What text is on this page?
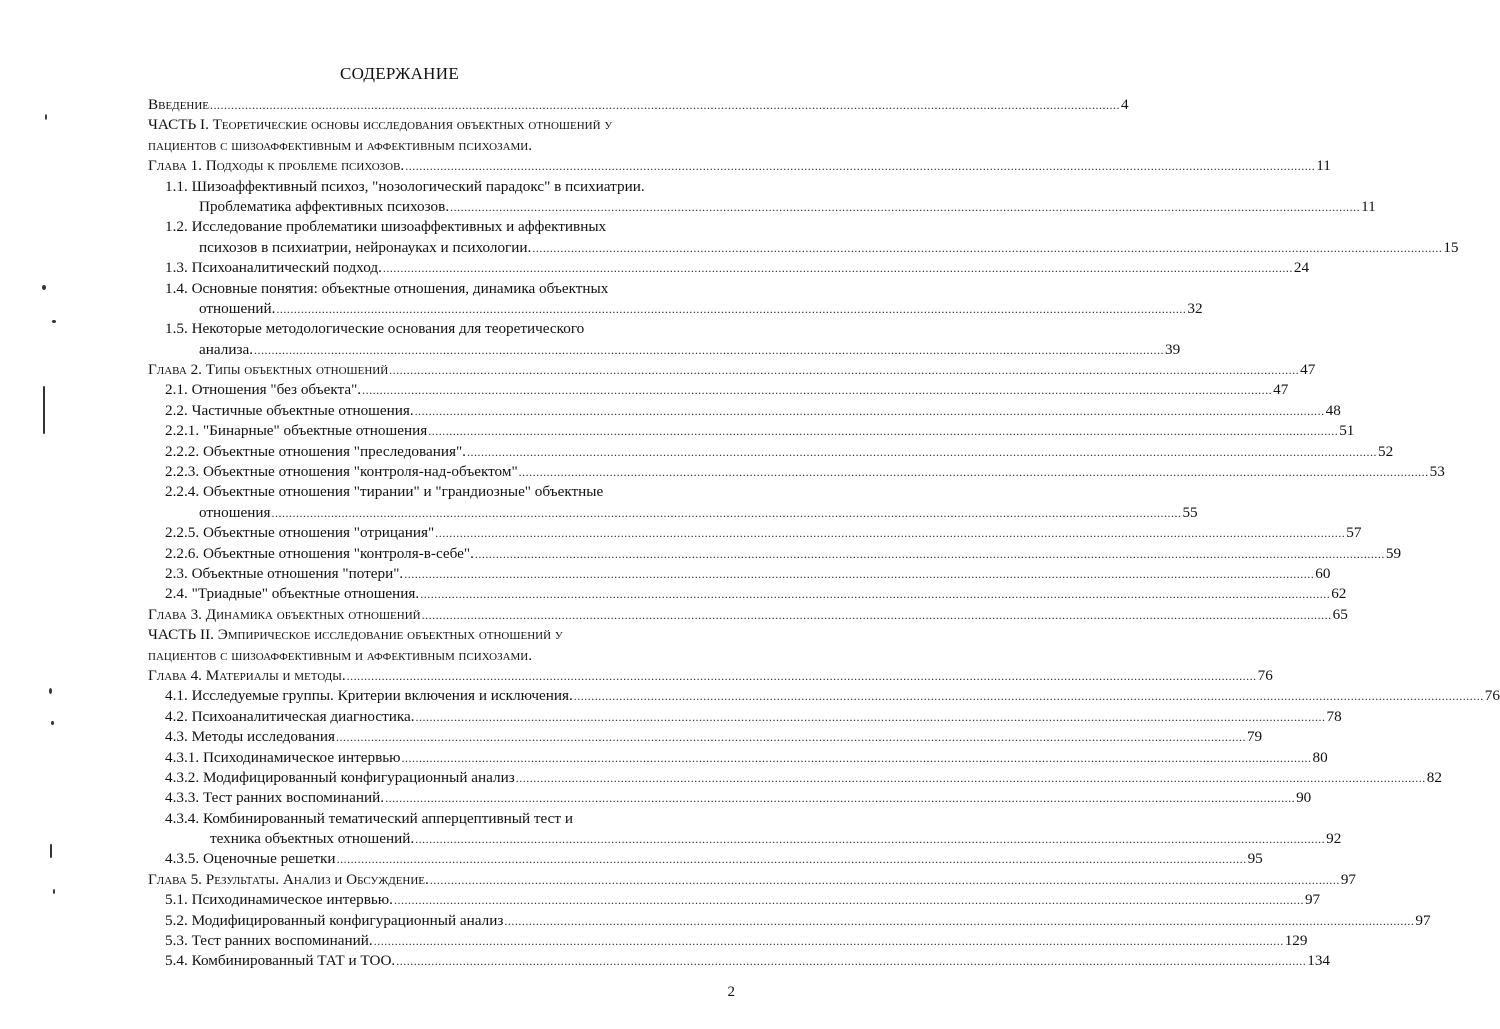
СОДЕРЖАНИЕ
Введение .................................................................................................................................................................................................................................................................... 4
ЧАСТЬ I. Теоретические основы исследования объектных отношений у
пациентов с шизоаффективным и аффективным психозами.
Глава 1. Подходы к проблеме психозов. .................................................................................................................................................................................................................................................................... 11
1.1. Шизоаффективный психоз, "нозологический парадокс" в психиатрии.
Проблематика аффективных психозов. .................................................................................................................................................................................................................................................................... 11
1.2. Исследование проблематики шизоаффективных и аффективных
психозов в психиатрии, нейронауках и психологии. .................................................................................................................................................................................................................................................................... 15
1.3. Психоаналитический подход. .................................................................................................................................................................................................................................................................... 24
1.4. Основные понятия: объектные отношения, динамика объектных
отношений. .................................................................................................................................................................................................................................................................... 32
1.5. Некоторые методологические основания для теоретического
анализа. .................................................................................................................................................................................................................................................................... 39
Глава 2. Типы объектных отношений .................................................................................................................................................................................................................................................................... 47
2.1. Отношения "без объекта". .................................................................................................................................................................................................................................................................... 47
2.2. Частичные объектные отношения. .................................................................................................................................................................................................................................................................... 48
2.2.1. "Бинарные" объектные отношения .................................................................................................................................................................................................................................................................... 51
2.2.2. Объектные отношения "преследования". .................................................................................................................................................................................................................................................................... 52
2.2.3. Объектные отношения "контроля-над-объектом" .................................................................................................................................................................................................................................................................... 53
2.2.4. Объектные отношения "тирании" и "грандиозные" объектные
отношения .................................................................................................................................................................................................................................................................... 55
2.2.5. Объектные отношения "отрицания" .................................................................................................................................................................................................................................................................... 57
2.2.6. Объектные отношения "контроля-в-себе". .................................................................................................................................................................................................................................................................... 59
2.3. Объектные отношения "потери". .................................................................................................................................................................................................................................................................... 60
2.4. "Триадные" объектные отношения. .................................................................................................................................................................................................................................................................... 62
Глава 3. Динамика объектных отношений .................................................................................................................................................................................................................................................................... 65
ЧАСТЬ II. Эмпирическое исследование объектных отношений у
пациентов с шизоаффективным и аффективным психозами.
Глава 4. Материалы и методы. .................................................................................................................................................................................................................................................................... 76
4.1. Исследуемые группы. Критерии включения и исключения. .................................................................................................................................................................................................................................................................... 76
4.2. Психоаналитическая диагностика. .................................................................................................................................................................................................................................................................... 78
4.3. Методы исследования .................................................................................................................................................................................................................................................................... 79
4.3.1. Психодинамическое интервью .................................................................................................................................................................................................................................................................... 80
4.3.2. Модифицированный конфигурационный анализ .................................................................................................................................................................................................................................................................... 82
4.3.3. Тест ранних воспоминаний. .................................................................................................................................................................................................................................................................... 90
4.3.4. Комбинированный тематический апперцептивный тест и
техника объектных отношений. .................................................................................................................................................................................................................................................................... 92
4.3.5. Оценочные решетки .................................................................................................................................................................................................................................................................... 95
Глава 5. Результаты. Анализ и Обсуждение. .................................................................................................................................................................................................................................................................... 97
5.1. Психодинамическое интервью. .................................................................................................................................................................................................................................................................... 97
5.2. Модифицированный конфигурационный анализ .................................................................................................................................................................................................................................................................... 97
5.3. Тест ранних воспоминаний. .................................................................................................................................................................................................................................................................... 129
5.4. Комбинированный ТАТ и ТОО. .................................................................................................................................................................................................................................................................... 134
2
